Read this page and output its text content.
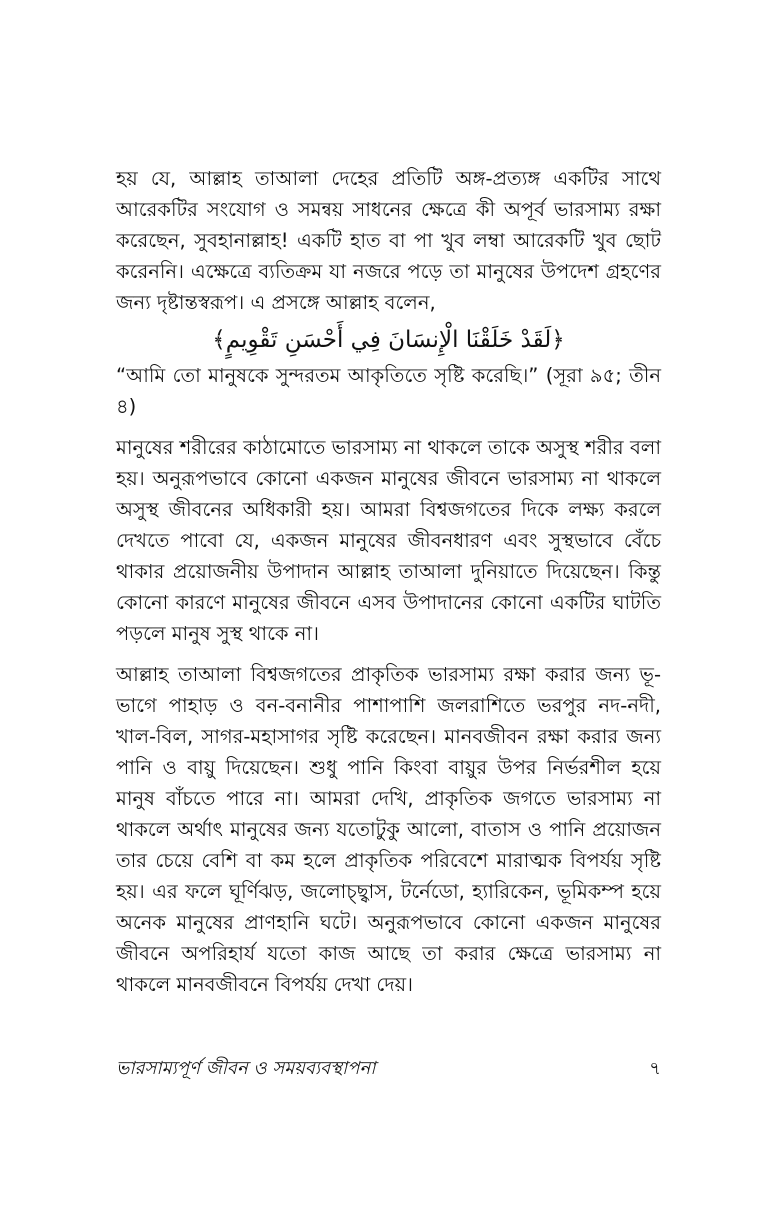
হয় যে, আল্লাহ তাআলা দেহের প্রতিটি অঙ্গ-প্রত্যঙ্গ একটির সাথে আরেকটির সংযোগ ও সমন্বয় সাধনের ক্ষেত্রে কী অপূর্ব ভারসাম্য রক্ষা করেছেন, সুবহানাল্লাহ! একটি হাত বা পা খুব লম্বা আরেকটি খুব ছোট করেননি। এক্ষেত্রে ব্যতিক্রম যা নজরে পড়ে তা মানুষের উপদেশ গ্রহণের জন্য দৃষ্টান্তস্বরূপ। এ প্রসঙ্গে আল্লাহ বলেন,

﴿لَقَدْ خَلَقْنَا الْإِنسَانَ فِي أَحْسَنِ تَقْوِيمٍ﴾

“আমি তো মানুষকে সুন্দরতম আকৃতিতে সৃষ্টি করেছি।” (সূরা ৯৫; তীন ৪)

মানুষের শরীরের কাঠামোতে ভারসাম্য না থাকলে তাকে অসুস্থ শরীর বলা হয়। অনুরূপভাবে কোনো একজন মানুষের জীবনে ভারসাম্য না থাকলে অসুস্থ জীবনের অধিকারী হয়। আমরা বিশ্বজগতের দিকে লক্ষ্য করলে দেখতে পাবো যে, একজন মানুষের জীবনধারণ এবং সুস্থভাবে বেঁচে থাকার প্রয়োজনীয় উপাদান আল্লাহ তাআলা দুনিয়াতে দিয়েছেন। কিন্তু কোনো কারণে মানুষের জীবনে এসব উপাদানের কোনো একটির ঘাটতি পড়লে মানুষ সুস্থ থাকে না।

আল্লাহ তাআলা বিশ্বজগতের প্রাকৃতিক ভারসাম্য রক্ষা করার জন্য ভূ-ভাগে পাহাড় ও বন-বনানীর পাশাপাশি জলরাশিতে ভরপুর নদ-নদী, খাল-বিল, সাগর-মহাসাগর সৃষ্টি করেছেন। মানবজীবন রক্ষা করার জন্য পানি ও বায়ু দিয়েছেন। শুধু পানি কিংবা বায়ুর উপর নির্ভরশীল হয়ে মানুষ বাঁচতে পারে না। আমরা দেখি, প্রাকৃতিক জগতে ভারসাম্য না থাকলে অর্থাৎ মানুষের জন্য যতোটুকু আলো, বাতাস ও পানি প্রয়োজন তার চেয়ে বেশি বা কম হলে প্রাকৃতিক পরিবেশে মারাত্মক বিপর্যয় সৃষ্টি হয়। এর ফলে ঘূর্ণিঝড়, জলোচ্ছ্বাস, টর্নেডো, হ্যারিকেন, ভূমিকম্প হয়ে অনেক মানুষের প্রাণহানি ঘটে। অনুরূপভাবে কোনো একজন মানুষের জীবনে অপরিহার্য যতো কাজ আছে তা করার ক্ষেত্রে ভারসাম্য না থাকলে মানবজীবনে বিপর্যয় দেখা দেয়।

ভারসাম্যপূর্ণ জীবন ও সময়ব্যবস্থাপনা	৭
